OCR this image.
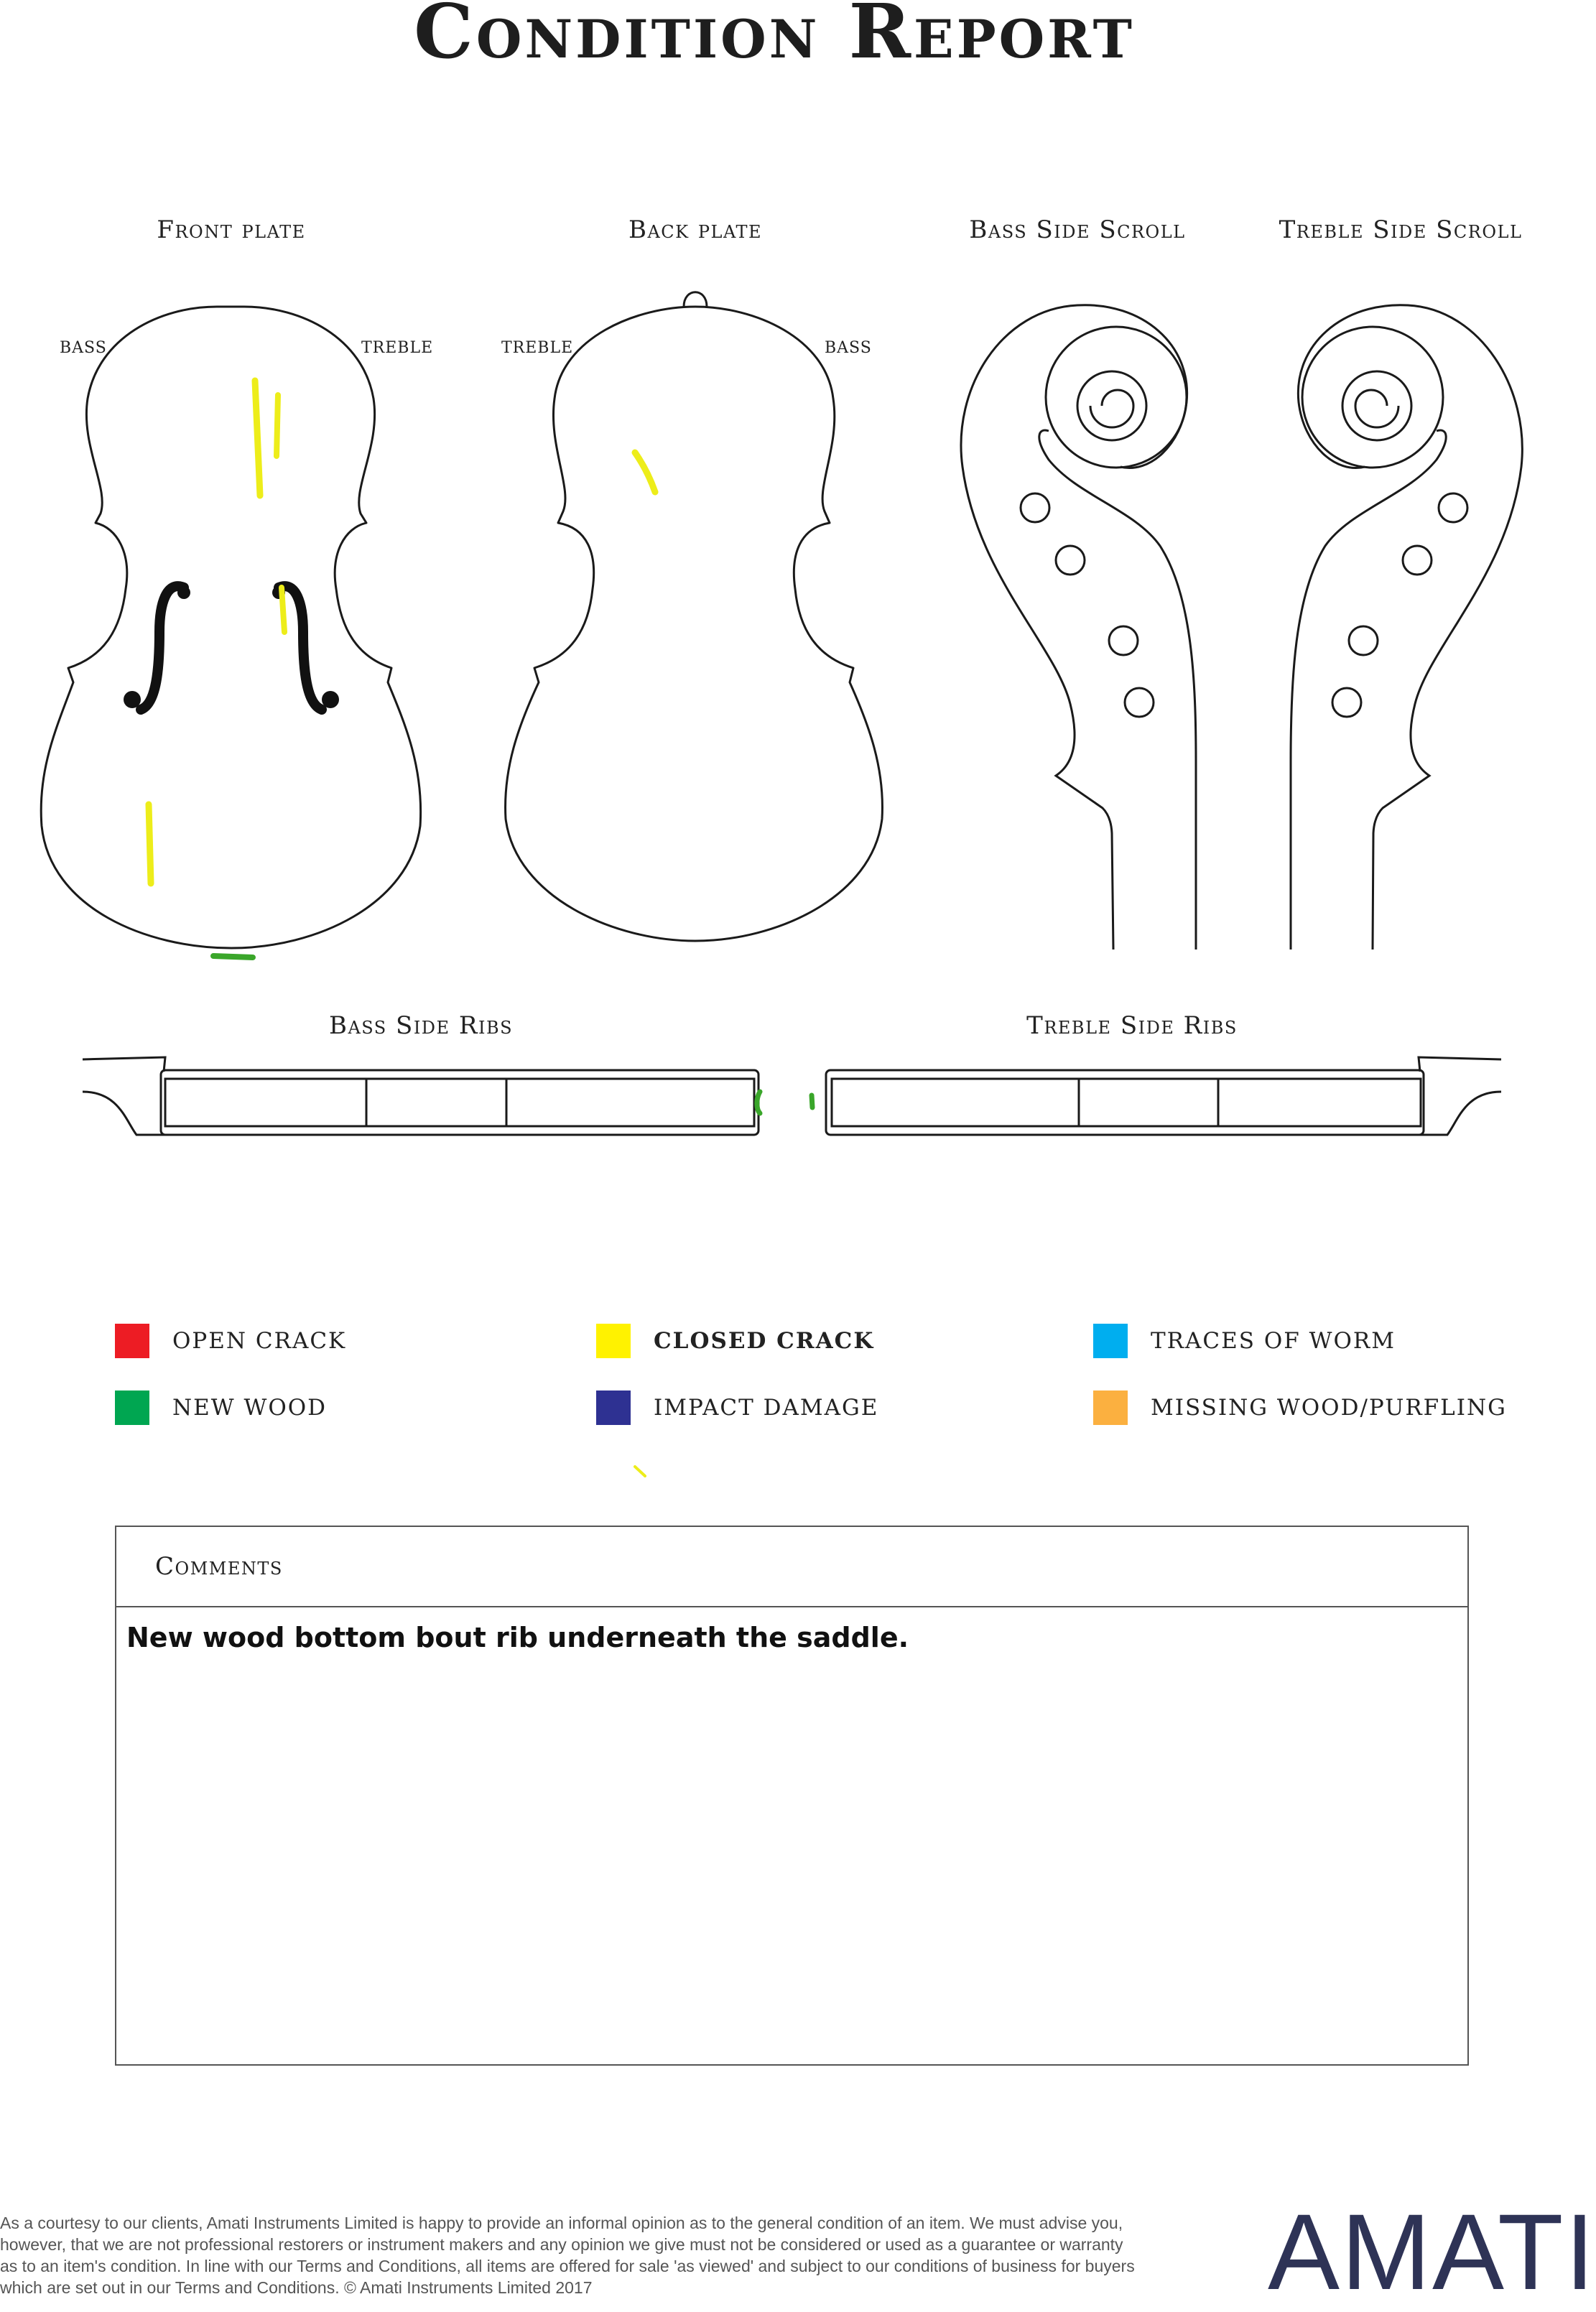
Condition Report
Front plate	Back plate	Bass Side Scroll	Treble Side Scroll
Bass Side Ribs	Treble Side Ribs
BASS	TREBLE	TREBLE	BASS
OPEN CRACK	CLOSED CRACK	TRACES OF WORM
NEW WOOD	IMPACT DAMAGE	MISSING WOOD/PURFLING
Comments
New wood bottom bout rib underneath the saddle.
As a courtesy to our clients, Amati Instruments Limited is happy to provide an informal opinion as to the general condition of an item. We must advise you, however, that we are not professional restorers or instrument makers and any opinion we give must not be considered or used as a guarantee or warranty as to an item's condition. In line with our Terms and Conditions, all items are offered for sale 'as viewed' and subject to our conditions of business for buyers which are set out in our Terms and Conditions. © Amati Instruments Limited 2017	AMATI
